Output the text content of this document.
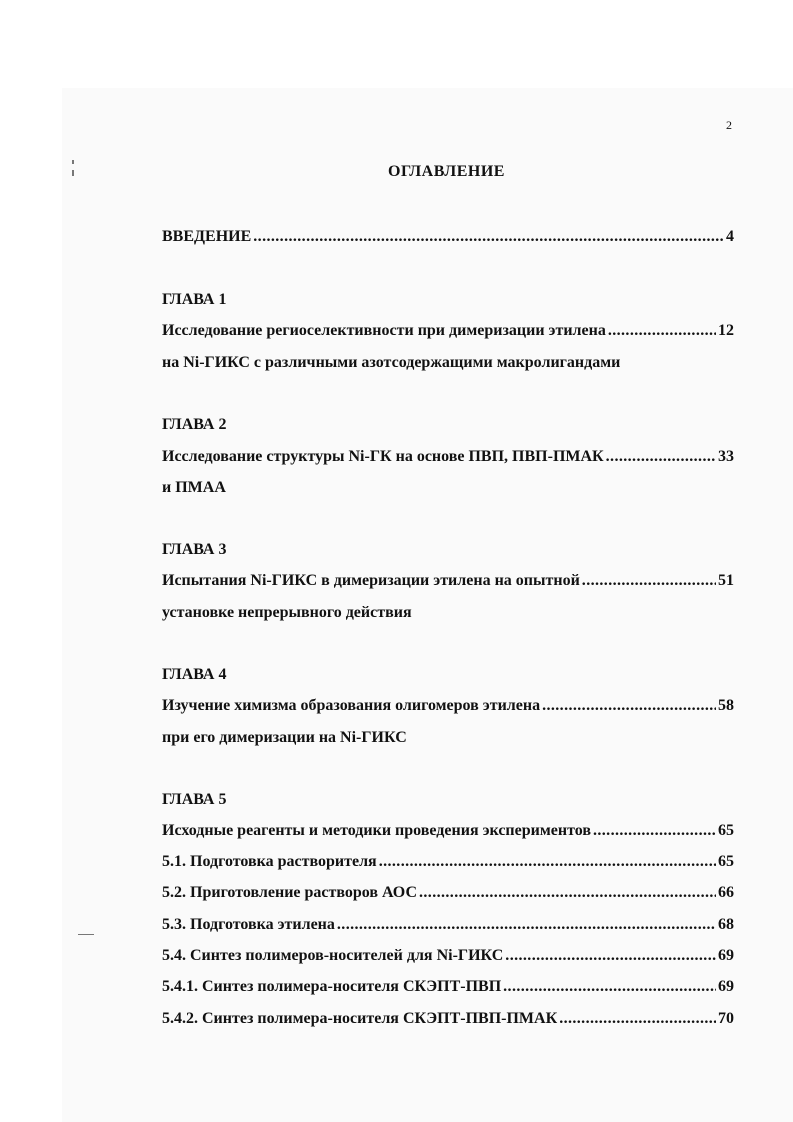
2
ОГЛАВЛЕНИЕ
ВВЕДЕНИЕ .....	4
ГЛАВА 1
Исследование региоселективности при димеризации этилена .....	12
на Ni-ГИКС с различными азотсодержащими макролигандами
ГЛАВА 2
Исследование структуры Ni-ГК на основе ПВП, ПВП-ПМАК .....	33
и ПМАА
ГЛАВА 3
Испытания Ni-ГИКС в димеризации этилена на опытной .....	51
установке непрерывного действия
ГЛАВА 4
Изучение химизма образования олигомеров этилена .....	58
при его димеризации на Ni-ГИКС
ГЛАВА 5
Исходные реагенты и методики проведения экспериментов .....	65
5.1. Подготовка растворителя .....	65
5.2. Приготовление растворов АОС .....	66
5.3. Подготовка этилена .....	68
5.4. Синтез полимеров-носителей для Ni-ГИКС .....	69
5.4.1. Синтез полимера-носителя СКЭПТ-ПВП .....	69
5.4.2. Синтез полимера-носителя СКЭПТ-ПВП-ПМАК .....	70
